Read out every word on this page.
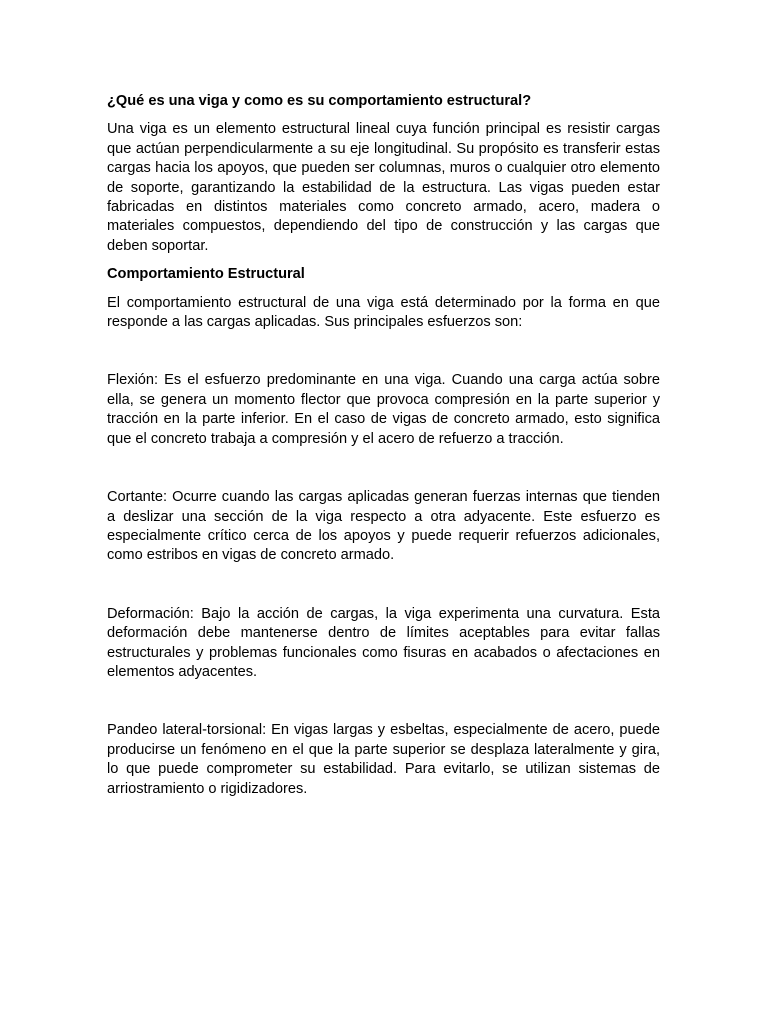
¿Qué es una viga y como es su comportamiento estructural?

Una viga es un elemento estructural lineal cuya función principal es resistir cargas que actúan perpendicularmente a su eje longitudinal. Su propósito es transferir estas cargas hacia los apoyos, que pueden ser columnas, muros o cualquier otro elemento de soporte, garantizando la estabilidad de la estructura. Las vigas pueden estar fabricadas en distintos materiales como concreto armado, acero, madera o materiales compuestos, dependiendo del tipo de construcción y las cargas que deben soportar.

Comportamiento Estructural

El comportamiento estructural de una viga está determinado por la forma en que responde a las cargas aplicadas. Sus principales esfuerzos son:

Flexión: Es el esfuerzo predominante en una viga. Cuando una carga actúa sobre ella, se genera un momento flector que provoca compresión en la parte superior y tracción en la parte inferior. En el caso de vigas de concreto armado, esto significa que el concreto trabaja a compresión y el acero de refuerzo a tracción.

Cortante: Ocurre cuando las cargas aplicadas generan fuerzas internas que tienden a deslizar una sección de la viga respecto a otra adyacente. Este esfuerzo es especialmente crítico cerca de los apoyos y puede requerir refuerzos adicionales, como estribos en vigas de concreto armado.

Deformación: Bajo la acción de cargas, la viga experimenta una curvatura. Esta deformación debe mantenerse dentro de límites aceptables para evitar fallas estructurales y problemas funcionales como fisuras en acabados o afectaciones en elementos adyacentes.

Pandeo lateral-torsional: En vigas largas y esbeltas, especialmente de acero, puede producirse un fenómeno en el que la parte superior se desplaza lateralmente y gira, lo que puede comprometer su estabilidad. Para evitarlo, se utilizan sistemas de arriostramiento o rigidizadores.
